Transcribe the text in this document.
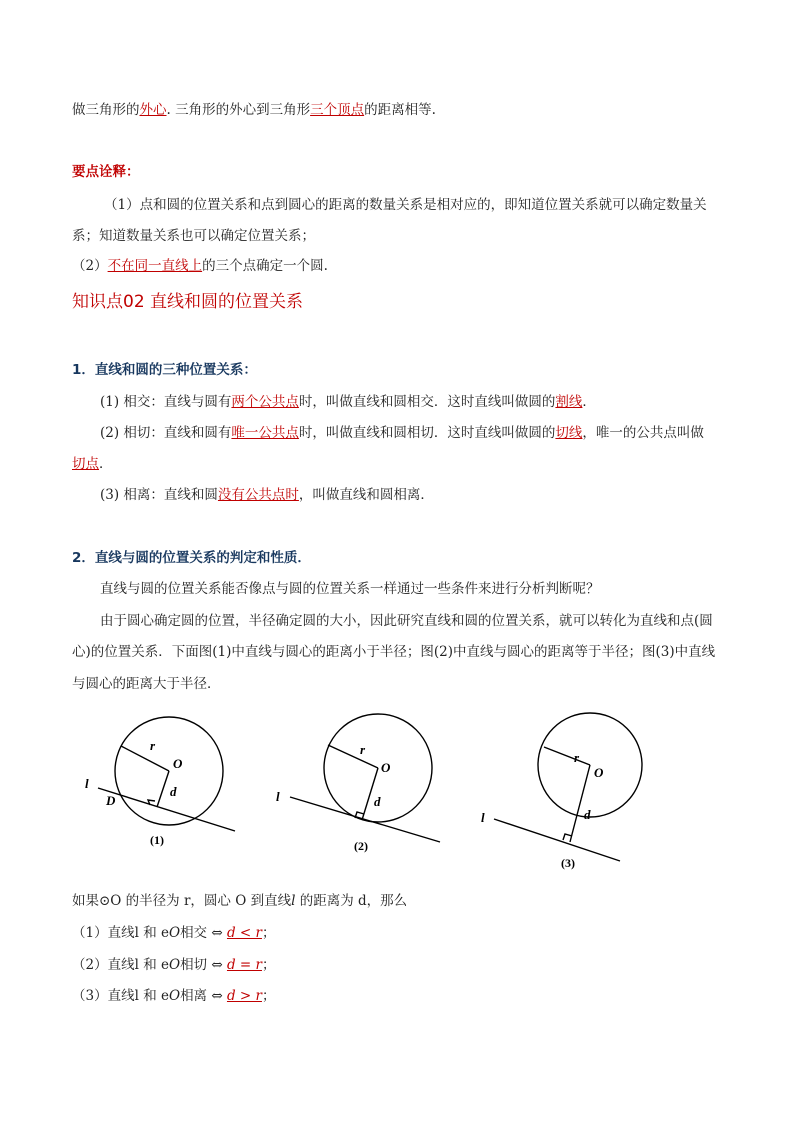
做三角形的外心. 三角形的外心到三角形三个顶点的距离相等.
要点诠释：
（1）点和圆的位置关系和点到圆心的距离的数量关系是相对应的，即知道位置关系就可以确定数量关
系；知道数量关系也可以确定位置关系；
（2）不在同一直线上的三个点确定一个圆.
知识点02 直线和圆的位置关系
1．直线和圆的三种位置关系：
(1) 相交：直线与圆有两个公共点时，叫做直线和圆相交．这时直线叫做圆的割线．
(2) 相切：直线和圆有唯一公共点时，叫做直线和圆相切．这时直线叫做圆的切线，唯一的公共点叫做
切点．
(3) 相离：直线和圆没有公共点时，叫做直线和圆相离．
2．直线与圆的位置关系的判定和性质．
直线与圆的位置关系能否像点与圆的位置关系一样通过一些条件来进行分析判断呢？
由于圆心确定圆的位置，半径确定圆的大小，因此研究直线和圆的位置关系，就可以转化为直线和点(圆
心)的位置关系．下面图(1)中直线与圆心的距离小于半径；图(2)中直线与圆心的距离等于半径；图(3)中直线
与圆心的距离大于半径．
r
O
d
l
D
r
O
d
l
r
O
d
l
(1)	(2)
(3)
如果⊙O 的半径为 r，圆心 O 到直线l 的距离为 d，那么
（1）直线l 和 eO相交 ⇔ d < r；
（2）直线l 和 eO相切 ⇔ d = r；
（3）直线l 和 eO相离 ⇔ d > r；
